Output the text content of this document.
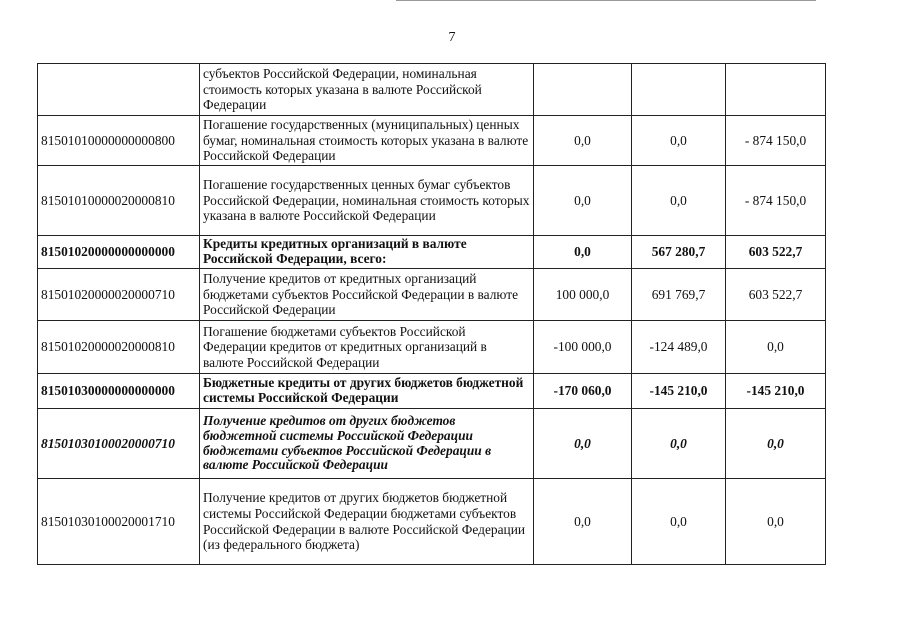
7
	субъектов Российской Федерации, номинальная стоимость которых указана в валюте Российской Федерации			
81501010000000000800	Погашение государственных (муниципальных) ценных бумаг, номинальная стоимость которых указана в валюте Российской Федерации	0,0	0,0	- 874 150,0
81501010000020000810	Погашение государственных ценных бумаг субъектов Российской Федерации, номинальная стоимость которых указана в валюте Российской Федерации	0,0	0,0	- 874 150,0
81501020000000000000	Кредиты кредитных организаций в валюте Российской Федерации, всего:	0,0	567 280,7	603 522,7
81501020000020000710	Получение кредитов от кредитных организаций бюджетами субъектов Российской Федерации в валюте Российской Федерации	100 000,0	691 769,7	603 522,7
81501020000020000810	Погашение бюджетами субъектов Российской Федерации кредитов от кредитных организаций в валюте Российской Федерации	-100 000,0	-124 489,0	0,0
81501030000000000000	Бюджетные кредиты от других бюджетов бюджетной системы Российской Федерации	-170 060,0	-145 210,0	-145 210,0
81501030100020000710	Получение кредитов от других бюджетов бюджетной системы Российской Федерации бюджетами субъектов Российской Федерации в валюте Российской Федерации	0,0	0,0	0,0
81501030100020001710	Получение кредитов от других бюджетов бюджетной системы Российской Федерации бюджетами субъектов Российской Федерации в валюте Российской Федерации (из федерального бюджета)	0,0	0,0	0,0
